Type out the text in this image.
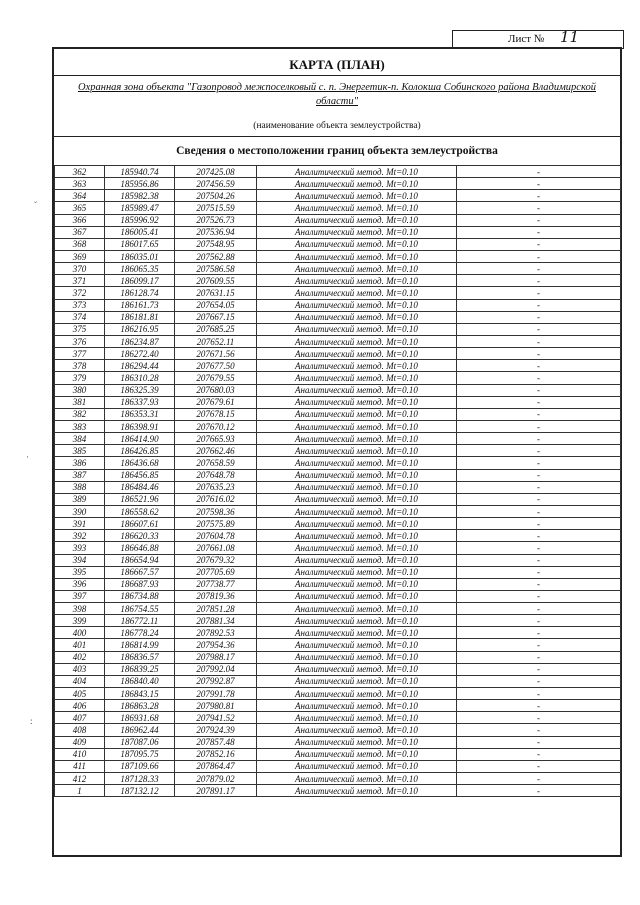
Лист № 11
˘
·
:
КАРТА (ПЛАН)
Охранная зона объекта "Газопровод межпоселковый с. п. Энергетик-п. Колокша Собинского района Владимирской области"
(наименование объекта землеустройства)
Сведения о местоположении границ объекта землеустройства
362	185940.74	207425.08	Аналитический метод. Mt=0.10	-
363	185956.86	207456.59	Аналитический метод. Mt=0.10	-
364	185982.38	207504.26	Аналитический метод. Mt=0.10	-
365	185989.47	207515.59	Аналитический метод. Mt=0.10	-
366	185996.92	207526.73	Аналитический метод. Mt=0.10	-
367	186005.41	207536.94	Аналитический метод. Mt=0.10	-
368	186017.65	207548.95	Аналитический метод. Mt=0.10	-
369	186035.01	207562.88	Аналитический метод. Mt=0.10	-
370	186065.35	207586.58	Аналитический метод. Mt=0.10	-
371	186099.17	207609.55	Аналитический метод. Mt=0.10	-
372	186128.74	207631.15	Аналитический метод. Mt=0.10	-
373	186161.73	207654.05	Аналитический метод. Mt=0.10	-
374	186181.81	207667.15	Аналитический метод. Mt=0.10	-
375	186216.95	207685.25	Аналитический метод. Mt=0.10	-
376	186234.87	207652.11	Аналитический метод. Mt=0.10	-
377	186272.40	207671.56	Аналитический метод. Mt=0.10	-
378	186294.44	207677.50	Аналитический метод. Mt=0.10	-
379	186310.28	207679.55	Аналитический метод. Mt=0.10	-
380	186325.39	207680.03	Аналитический метод. Mt=0.10	-
381	186337.93	207679.61	Аналитический метод. Mt=0.10	-
382	186353.31	207678.15	Аналитический метод. Mt=0.10	-
383	186398.91	207670.12	Аналитический метод. Mt=0.10	-
384	186414.90	207665.93	Аналитический метод. Mt=0.10	-
385	186426.85	207662.46	Аналитический метод. Mt=0.10	-
386	186436.68	207658.59	Аналитический метод. Mt=0.10	-
387	186456.85	207648.78	Аналитический метод. Mt=0.10	-
388	186484.46	207635.23	Аналитический метод. Mt=0.10	-
389	186521.96	207616.02	Аналитический метод. Mt=0.10	-
390	186558.62	207598.36	Аналитический метод. Mt=0.10	-
391	186607.61	207575.89	Аналитический метод. Mt=0.10	-
392	186620.33	207604.78	Аналитический метод. Mt=0.10	-
393	186646.88	207661.08	Аналитический метод. Mt=0.10	-
394	186654.94	207679.32	Аналитический метод. Mt=0.10	-
395	186667.57	207705.69	Аналитический метод. Mt=0.10	-
396	186687.93	207738.77	Аналитический метод. Mt=0.10	-
397	186734.88	207819.36	Аналитический метод. Mt=0.10	-
398	186754.55	207851.28	Аналитический метод. Mt=0.10	-
399	186772.11	207881.34	Аналитический метод. Mt=0.10	-
400	186778.24	207892.53	Аналитический метод. Mt=0.10	-
401	186814.99	207954.36	Аналитический метод. Mt=0.10	-
402	186836.57	207988.17	Аналитический метод. Mt=0.10	-
403	186839.25	207992.04	Аналитический метод. Mt=0.10	-
404	186840.40	207992.87	Аналитический метод. Mt=0.10	-
405	186843.15	207991.78	Аналитический метод. Mt=0.10	-
406	186863.28	207980.81	Аналитический метод. Mt=0.10	-
407	186931.68	207941.52	Аналитический метод. Mt=0.10	-
408	186962.44	207924.39	Аналитический метод. Mt=0.10	-
409	187087.06	207857.48	Аналитический метод. Mt=0.10	-
410	187095.75	207852.16	Аналитический метод. Mt=0.10	-
411	187109.66	207864.47	Аналитический метод. Mt=0.10	-
412	187128.33	207879.02	Аналитический метод. Mt=0.10	-
1	187132.12	207891.17	Аналитический метод. Mt=0.10	-
